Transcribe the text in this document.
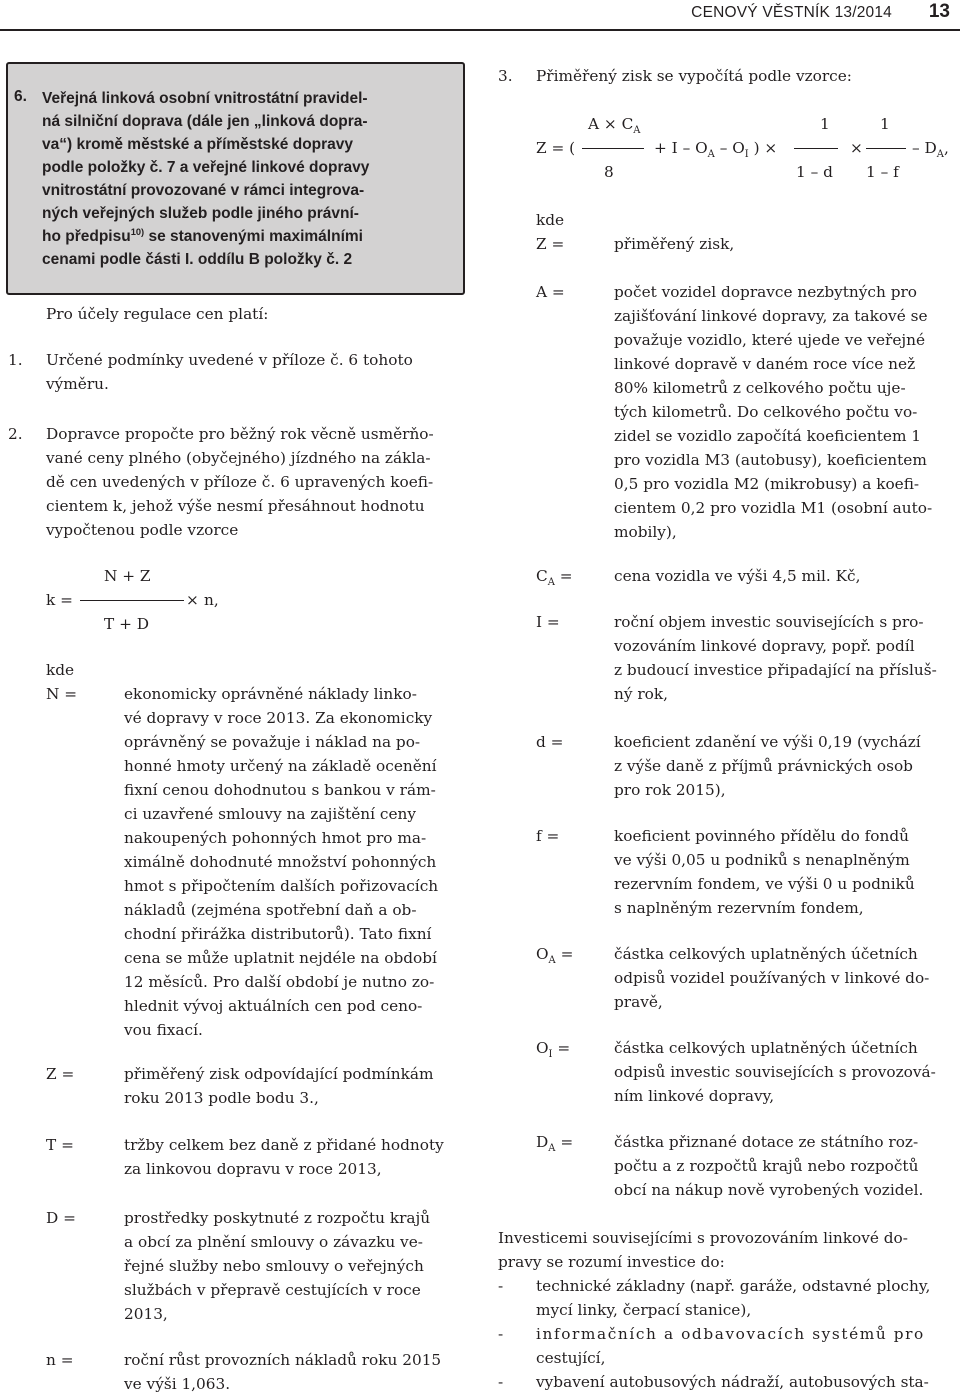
CENOVÝ VĚSTNÍK 13/2014 13
6. Veřejná linková osobní vnitrostátní pravidel-
ná silniční doprava (dále jen „linková dopra-
va“) kromě městské a příměstské dopravy
podle položky č. 7 a veřejné linkové dopravy
vnitrostátní provozované v rámci integrova-
ných veřejných služeb podle jiného právní-
ho předpisu$^{10)}$ se stanovenými maximálními
cenami podle části I. oddílu B položky č. 2
Pro účely regulace cen platí:
1. Určené podmínky uvedené v příloze č. 6 tohoto
výměru.
2. Dopravce propočte pro běžný rok věcně usměrňo-
vané ceny plného (obyčejného) jízdného na zákla-
dě cen uvedených v příloze č. 6 upravených koefi-
cientem k, jehož výše nesmí přesáhnout hodnotu
vypočtenou podle vzorce
N + Z
k =	× n,
T + D
kde
N =	ekonomicky oprávněné náklady linko-
vé dopravy v roce 2013. Za ekonomicky
oprávněný se považuje i náklad na po-
honné hmoty určený na základě ocenění
fixní cenou dohodnutou s bankou v rám-
ci uzavřené smlouvy na zajištění ceny
nakoupených pohonných hmot pro ma-
ximálně dohodnuté množství pohonných
hmot s připočtením dalších pořizovacích
nákladů (zejména spotřební daň a ob-
chodní přirážka distributorů). Tato fixní
cena se může uplatnit nejdéle na období
12 měsíců. Pro další období je nutno zo-
hlednit vývoj aktuálních cen pod ceno-
vou fixací.
Z =	přiměřený zisk odpovídající podmínkám
roku 2013 podle bodu 3.,
T =	tržby celkem bez daně z přidané hodnoty
za linkovou dopravu v roce 2013,
D =	prostředky poskytnuté z rozpočtu krajů
a obcí za plnění smlouvy o závazku ve-
řejné služby nebo smlouvy o veřejných
službách v přepravě cestujících v roce
2013,
n =	roční růst provozních nákladů roku 2015
ve výši 1,063.
3. Přiměřený zisk se vypočítá podle vzorce:
$A \times C_A$
Z = (	+ I – $O_A - O_I$ ) ×
8
1
1 – d
×
1
1 – f
– $D_A$,
kde
Z =	přiměřený zisk,
A =	počet vozidel dopravce nezbytných pro
zajišťování linkové dopravy, za takové se
považuje vozidlo, které ujede ve veřejné
linkové dopravě v daném roce více než
80% kilometrů z celkového počtu uje-
tých kilometrů. Do celkového počtu vo-
zidel se vozidlo započítá koeficientem 1
pro vozidla M3 (autobusy), koeficientem
0,5 pro vozidla M2 (mikrobusy) a koefi-
cientem 0,2 pro vozidla M1 (osobní auto-
mobily),
$C_A$ =	cena vozidla ve výši 4,5 mil. Kč,
I =	roční objem investic souvisejících s pro-
vozováním linkové dopravy, popř. podíl
z budoucí investice připadající na přísluš-
ný rok,
d =	koeficient zdanění ve výši 0,19 (vychází
z výše daně z příjmů právnických osob
pro rok 2015),
f =	koeficient povinného přídělu do fondů
ve výši 0,05 u podniků s nenaplněným
rezervním fondem, ve výši 0 u podniků
s naplněným rezervním fondem,
$O_A$ =	částka celkových uplatněných účetních
odpisů vozidel používaných v linkové do-
pravě,
$O_I$ =	částka celkových uplatněných účetních
odpisů investic souvisejících s provozová-
ním linkové dopravy,
$D_A$ =	částka přiznané dotace ze státního roz-
počtu a z rozpočtů krajů nebo rozpočtů
obcí na nákup nově vyrobených vozidel.
Investicemi souvisejícími s provozováním linkové do-
pravy se rozumí investice do:
- technické základny (např. garáže, odstavné plochy,
mycí linky, čerpací stanice),
- informačních a odbavovacích systémů pro
cestující,
- vybavení autobusových nádraží, autobusových sta-
